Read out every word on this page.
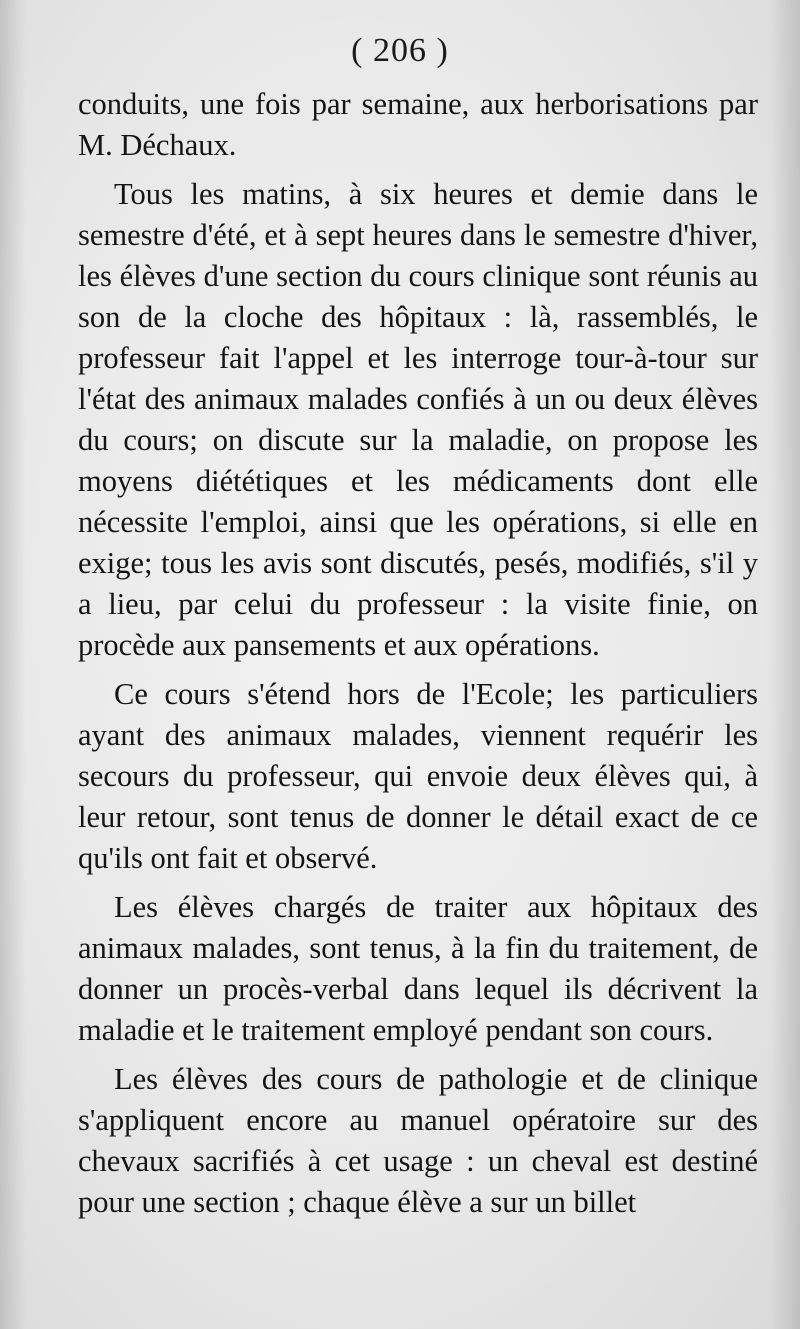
( 206 )

conduits, une fois par semaine, aux herborisations par M. Déchaux.

Tous les matins, à six heures et demie dans le semestre d'été, et à sept heures dans le semestre d'hiver, les élèves d'une section du cours clinique sont réunis au son de la cloche des hôpitaux : là, rassemblés, le professeur fait l'appel et les interroge tour-à-tour sur l'état des animaux malades confiés à un ou deux élèves du cours; on discute sur la maladie, on propose les moyens diététiques et les médicaments dont elle nécessite l'emploi, ainsi que les opérations, si elle en exige; tous les avis sont discutés, pesés, modifiés, s'il y a lieu, par celui du professeur : la visite finie, on procède aux pansements et aux opérations.

Ce cours s'étend hors de l'Ecole; les particuliers ayant des animaux malades, viennent requérir les secours du professeur, qui envoie deux élèves qui, à leur retour, sont tenus de donner le détail exact de ce qu'ils ont fait et observé.

Les élèves chargés de traiter aux hôpitaux des animaux malades, sont tenus, à la fin du traitement, de donner un procès-verbal dans lequel ils décrivent la maladie et le traitement employé pendant son cours.

Les élèves des cours de pathologie et de clinique s'appliquent encore au manuel opératoire sur des chevaux sacrifiés à cet usage : un cheval est destiné pour une section ; chaque élève a sur un billet
